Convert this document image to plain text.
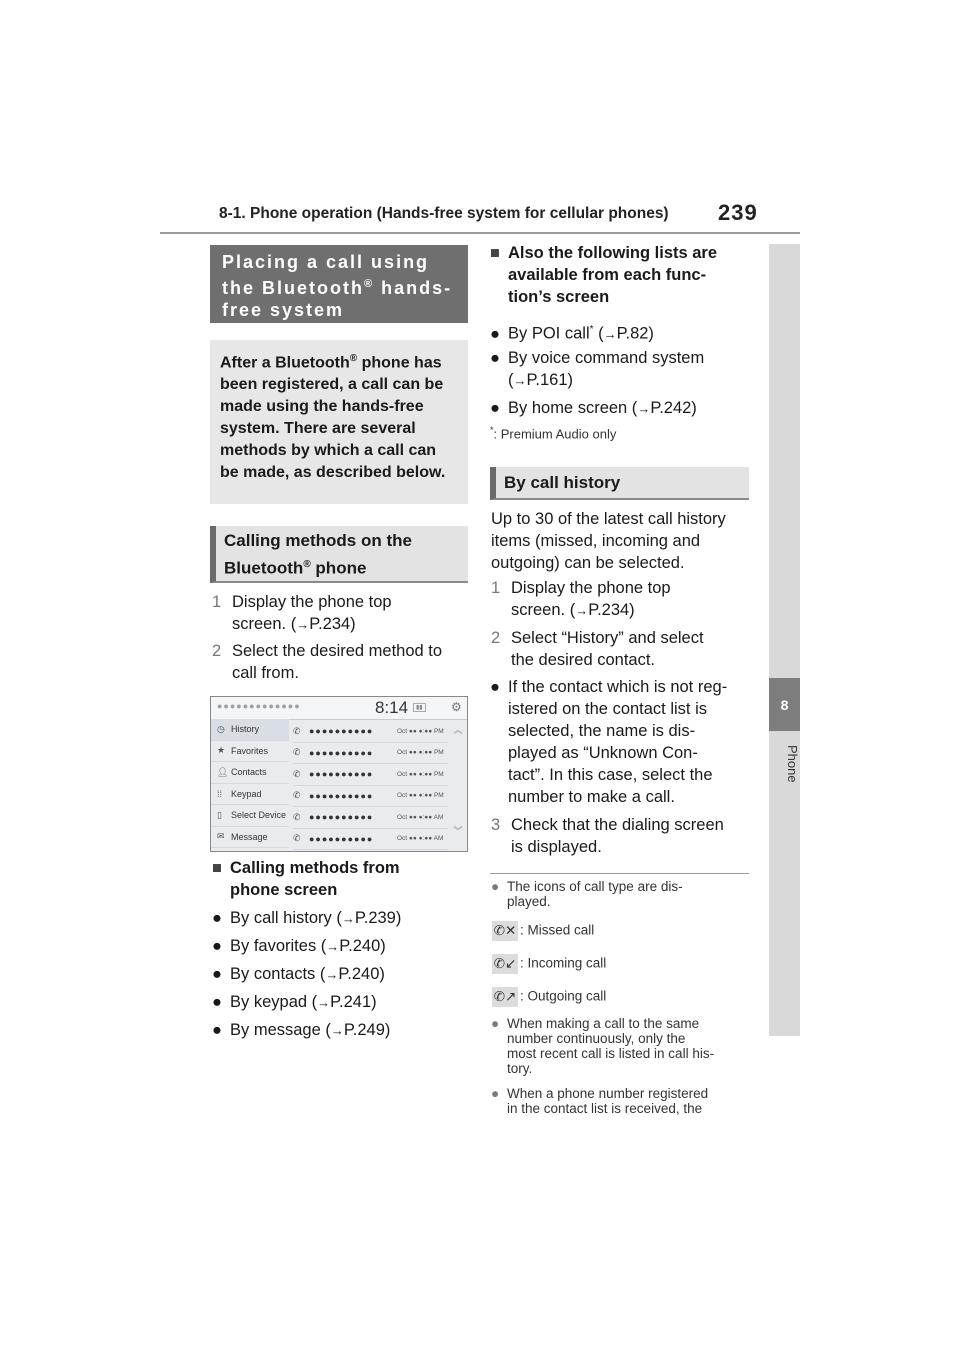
8-1. Phone operation (Hands-free system for cellular phones) 239
8
Phone
Placing a call using the Bluetooth® hands-free system
After a Bluetooth® phone has been registered, a call can be made using the hands-free system. There are several methods by which a call can be made, as described below.
Calling methods on the Bluetooth® phone
1 Display the phone top
screen. (→P.234)
2 Select the desired method to
call from.
●●●●●●●●●●●●●	8:14	▮▮ ⚙
◷ History
★ Favorites
👤︎ Contacts
⁞⁞ Keypad
▯	Select Device
✉ Message
✆ ●●●●●●●●●●	Oct ●● ●:●● PM
✆ ●●●●●●●●●●	Oct ●● ●:●● PM
✆ ●●●●●●●●●●	Oct ●● ●:●● PM
✆ ●●●●●●●●●●	Oct ●● ●:●● PM
✆ ●●●●●●●●●●	Oct ●● ●:●● AM
✆ ●●●●●●●●●●	Oct ●● ●:●● AM
︽
︾
■ Calling methods from
phone screen
● By call history (→P.239)
● By favorites (→P.240)
● By contacts (→P.240)
● By keypad (→P.241)
● By message (→P.249)
■ Also the following lists are
available from each func-
tion’s screen
● By POI call* (→P.82)
● By voice command system
(→P.161)
● By home screen (→P.242)
*: Premium Audio only
By call history
Up to 30 of the latest call history
items (missed, incoming and
outgoing) can be selected.
1 Display the phone top
screen. (→P.234)
2 Select “History” and select
the desired contact.
● If the contact which is not reg-
istered on the contact list is
selected, the name is dis-
played as “Unknown Con-
tact”. In this case, select the
number to make a call.
3 Check that the dialing screen
is displayed.
● The icons of call type are dis-
played.
✆✕ : Missed call
✆↙ : Incoming call
✆↗ : Outgoing call
● When making a call to the same
number continuously, only the
most recent call is listed in call his-
tory.
● When a phone number registered
in the contact list is received, the
